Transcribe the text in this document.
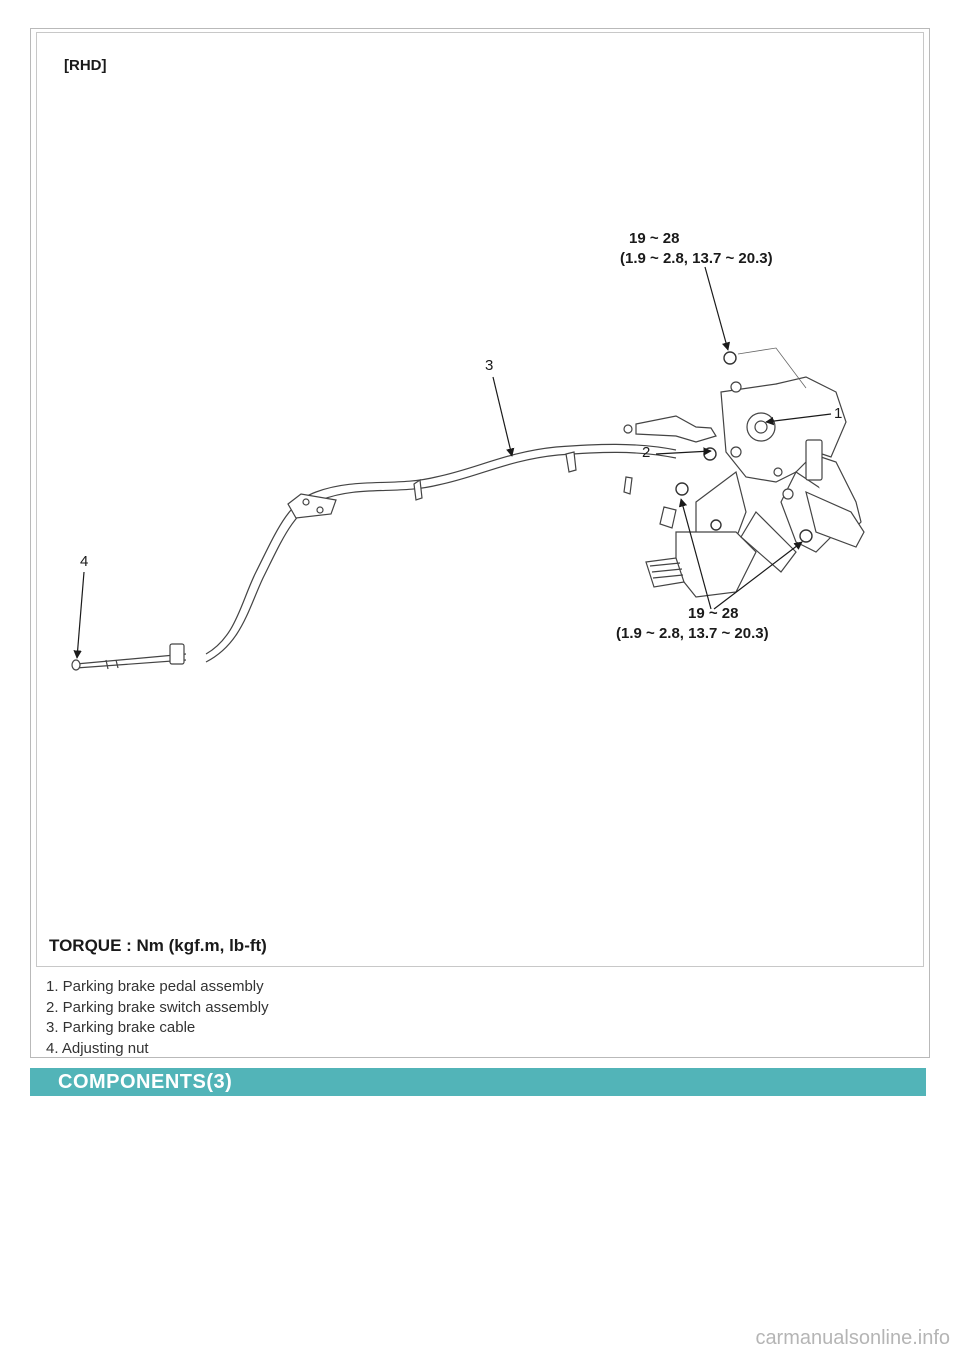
[RHD]
19 ~ 28
(1.9 ~ 2.8, 13.7 ~ 20.3)
19 ~ 28
(1.9 ~ 2.8, 13.7 ~ 20.3)
1
2
3
4
TORQUE : Nm (kgf.m, lb-ft)
1. Parking brake pedal assembly
2. Parking brake switch assembly
3. Parking brake cable
4. Adjusting nut
COMPONENTS(3)
carmanualsonline.info
